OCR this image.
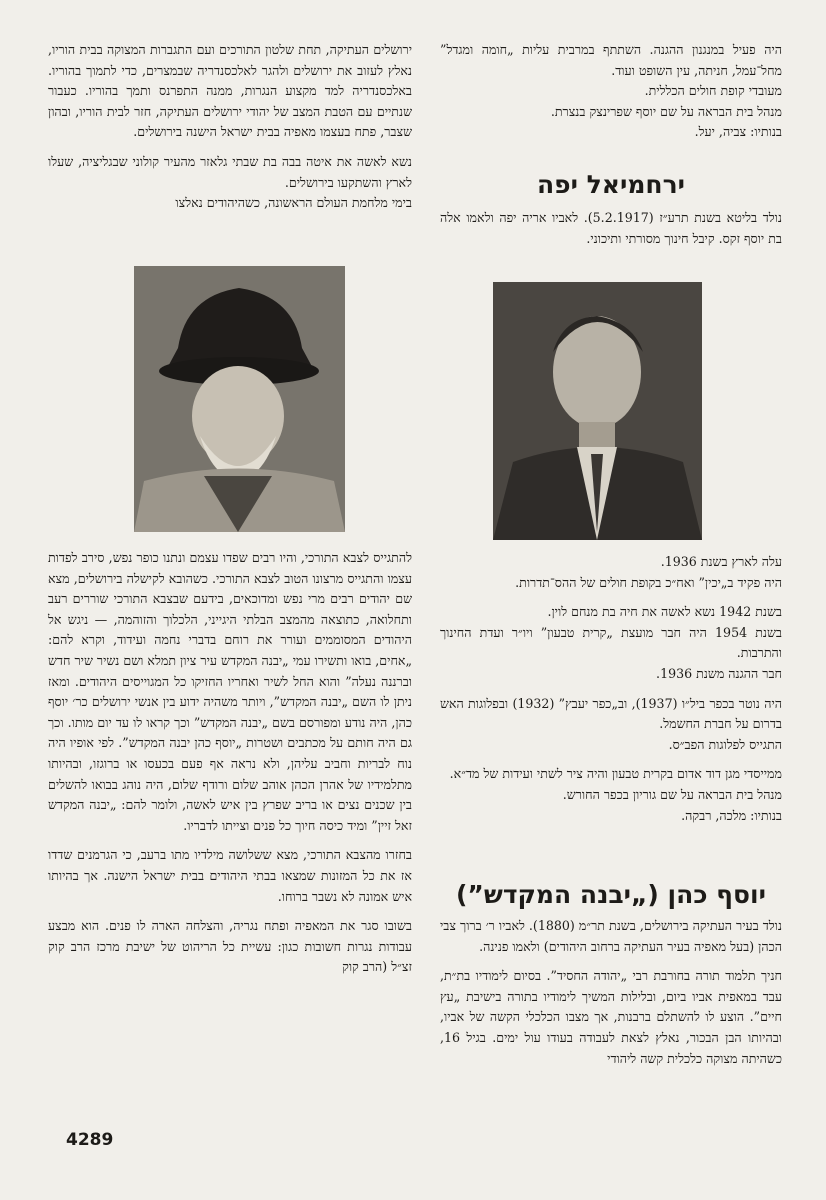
היה פעיל במנגנון ההגנה. השתתף במרבית עליות „חומה ומגדל” מחל־עמל, חניתה, עין השופט ועוד.

מעובדי קופת חולים הכללית.

מנהל בית הבראה על שם יוסף שפרינצק בנצרת.

בנותיו: צביה, יעל.

ירחמיאל יפה

נולד בליטא בשנת תרע״ז (5.2.1917). לאביו אריה יפה ולאמו אלה בת יוסף זקס. קיבל חינוך מסורתי ותיכוני.

עלה לארץ בשנת 1936.

היה פקיד ב„יכין” ואח״כ בקופת חולים של ההס־תדרות.

בשנת 1942 נשא לאשה את חיה בת מנחם לוין.

בשנת 1954 היה חבר מועצת „קרית טבעון” ויו״ר ועדת החינוך והתרבות.

חבר ההגנה משנת 1936.

היה נוטר בכפר ביל״ו (1937), וב„כפר יעבץ” (1932) ובפלוגות האש בדרום על חברת החשמל.

התגייס לפלוגות הפב״ס.

ממייסדי מגן דוד אדום בקרית טבעון והיה ציר לשתי ועידות של מד״א.

מנהל בית הבראה על שם גוריון בכפר החורש.

בנותיו: מלכה, רבקה.

יוסף כהן („יבנה המקדש”)

נולד בעיר העתיקה בירושלים, בשנת תר״מ (1880). לאביו ר׳ ברוך צבי הכהן (בעל מאפיה בעיר העתיקה ברחוב היהודים) ולאמו פנינה.

חניך תלמוד תורה בחורבת רבי „יהודה החסיד”. בסיום לימודיו בת״ת, עבד במאפית אביו ביום, ובלילות המשיך לימודיו בתורה בישיבת „עץ חיים”. הוצע לו להשתלם ברבנות, אך מצבו הכלכלי הקשה של אביו, ובהיותו הבן הבכור, נאלץ לצאת לעבודה בעודו עול ימים. בגיל 16, כשהיתה מצוקה כלכלית קשה ליהודי

ירושלים העתיקה, תחת שלטון התורכים ועם התגברות המצוקה בבית הוריו, נאלץ לעזוב את ירושלים ולהגר לאלכסנדריה שבמצרים, כדי לתמוך בהוריו. באלכסנדריה למד מקצוע הנגרות, ממנה התפרנס ותמך בהוריו. כעבור שנתיים עם הטבת המצב של יהודי ירושלים העתיקה, חזר לבית הוריו, ובהון שצבר, פתח בעצמו מאפיה בבית ישראל הישנה בירושלים.

נשא לאשה את איטה בבה בת שבתי גלאזר מהעיר קולוני שבגליציה, שעלו לארץ והשתקעו בירושלים.

בימי מלחמת העולם הראשונה, כשהיהודים נאלצו

להתגייס לצבא התורכי, והיו רבים שפדו עצמם ונתנו כופר נפש, סירב לפדות עצמו והתגייס מרצונו הטוב לצבא התורכי. כשהובא לקישלה בירושלים, מצא שם יהודים רבים מרי נפש ומדוכאים, בידעם שבצבא התורכי שוררים רעב ותחלואה, כתוצאה מהמצב הבלתי היגייני, הלכלוך והזוהמה, — ניגש אל היהודים המסוממים ועורר את רוחם בדברי נחמה ועידוד, וקרא להם: „אחים, בואו ותשירו עמי „יבנה המקדש עיר ציון תמלא ושם נשיר שיר חדש וברננה נעלה” והוא החל לשיר ואחריו החזיקו כל המגוייסים היהודים. ומאז ניתן לו השם „יבנה המקדש”, ויותר משהיה ידוע בין אנשי ירושלים כר׳ יוסף כהן, היה נודע ומפורסם בשם „יבנה המקדש” וכך קראו לו עד יום מותו. וכך גם היה חותם על מכתבים ושטרות „יוסף כהן יבנה המקדש”. לפי אופיו היה נוח לבריות וחביב עליהן, ולא נראה אף פעם בכעסו או ברוגזו, ובהיותו מתלמידיו של אהרן הכהן אוהב שלום ורודף שלום, היה נוהג בבואו להשלים בין שכנים נצים או בריב שפרץ בין איש לאשה, ולומר להם: „יבנה המקדש זאל זיין” ומיד כיסה חיוך כל פנים וצייתו לדבריו.

בחזרו מהצבא התורכי, מצא ששלושה מילדיו מתו ברעב, כי הגרמנים שדדו אז את כל המזונות שמצאו בבתי היהודים בבית ישראל הישנה. אך בהיותו איש אמונה לא נשבר ברוחו.

בשובו סגר את המאפיה ופתח נגריה, והצלחה הארה לו פנים. הוא מבצע עבודות נגרות חשובות כגון: עשיית כל הריהוט של ישיבת מרכז הרב קוק זצ״ל (הרב קוק

4289
